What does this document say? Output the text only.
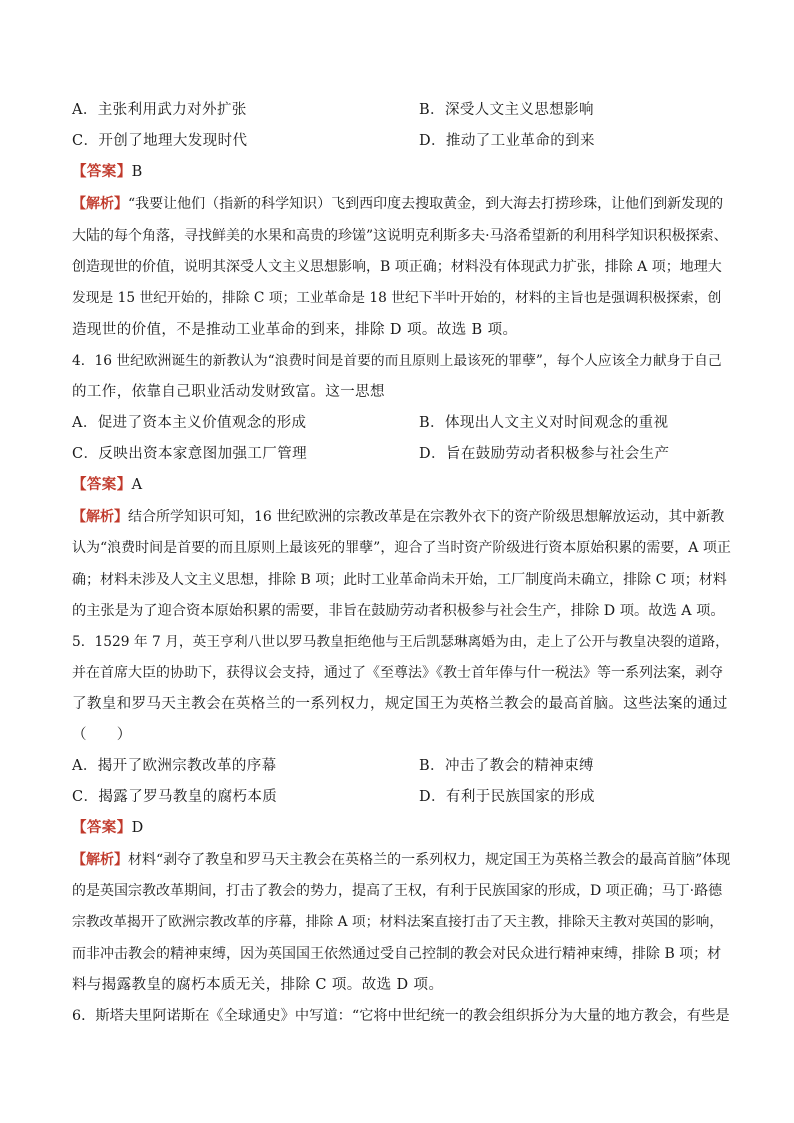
A．主张利用武力对外扩张	B．深受人文主义思想影响
C．开创了地理大发现时代	D．推动了工业革命的到来
【答案】B
【解析】“我要让他们（指新的科学知识）飞到西印度去搜取黄金，到大海去打捞珍珠，让他们到新发现的
大陆的每个角落，寻找鲜美的水果和高贵的珍馐”这说明克利斯多夫·马洛希望新的利用科学知识积极探索、
创造现世的价值，说明其深受人文主义思想影响，B 项正确；材料没有体现武力扩张，排除 A 项；地理大
发现是 15 世纪开始的，排除 C 项；工业革命是 18 世纪下半叶开始的，材料的主旨也是强调积极探索，创
造现世的价值，不是推动工业革命的到来，排除 D 项。故选 B 项。
4．16 世纪欧洲诞生的新教认为“浪费时间是首要的而且原则上最该死的罪孽”，每个人应该全力献身于自己
的工作，依靠自己职业活动发财致富。这一思想
A．促进了资本主义价值观念的形成	B．体现出人文主义对时间观念的重视
C．反映出资本家意图加强工厂管理	D．旨在鼓励劳动者积极参与社会生产
【答案】A
【解析】结合所学知识可知，16 世纪欧洲的宗教改革是在宗教外衣下的资产阶级思想解放运动，其中新教
认为“浪费时间是首要的而且原则上最该死的罪孽”，迎合了当时资产阶级进行资本原始积累的需要，A 项正
确；材料未涉及人文主义思想，排除 B 项；此时工业革命尚未开始，工厂制度尚未确立，排除 C 项；材料
的主张是为了迎合资本原始积累的需要，非旨在鼓励劳动者积极参与社会生产，排除 D 项。故选 A 项。
5．1529 年 7 月，英王亨利八世以罗马教皇拒绝他与王后凯瑟琳离婚为由，走上了公开与教皇决裂的道路，
并在首席大臣的协助下，获得议会支持，通过了《至尊法》《教士首年俸与什一税法》等一系列法案，剥夺
了教皇和罗马天主教会在英格兰的一系列权力，规定国王为英格兰教会的最高首脑。这些法案的通过
（　　）
A．揭开了欧洲宗教改革的序幕	B．冲击了教会的精神束缚
C．揭露了罗马教皇的腐朽本质	D．有利于民族国家的形成
【答案】D
【解析】材料“剥夺了教皇和罗马天主教会在英格兰的一系列权力，规定国王为英格兰教会的最高首脑”体现
的是英国宗教改革期间，打击了教会的势力，提高了王权，有利于民族国家的形成，D 项正确；马丁·路德
宗教改革揭开了欧洲宗教改革的序幕，排除 A 项；材料法案直接打击了天主教，排除天主教对英国的影响，
而非冲击教会的精神束缚，因为英国国王依然通过受自己控制的教会对民众进行精神束缚，排除 B 项；材
料与揭露教皇的腐朽本质无关，排除 C 项。故选 D 项。
6．斯塔夫里阿诺斯在《全球通史》中写道：“它将中世纪统一的教会组织拆分为大量的地方教会，有些是
